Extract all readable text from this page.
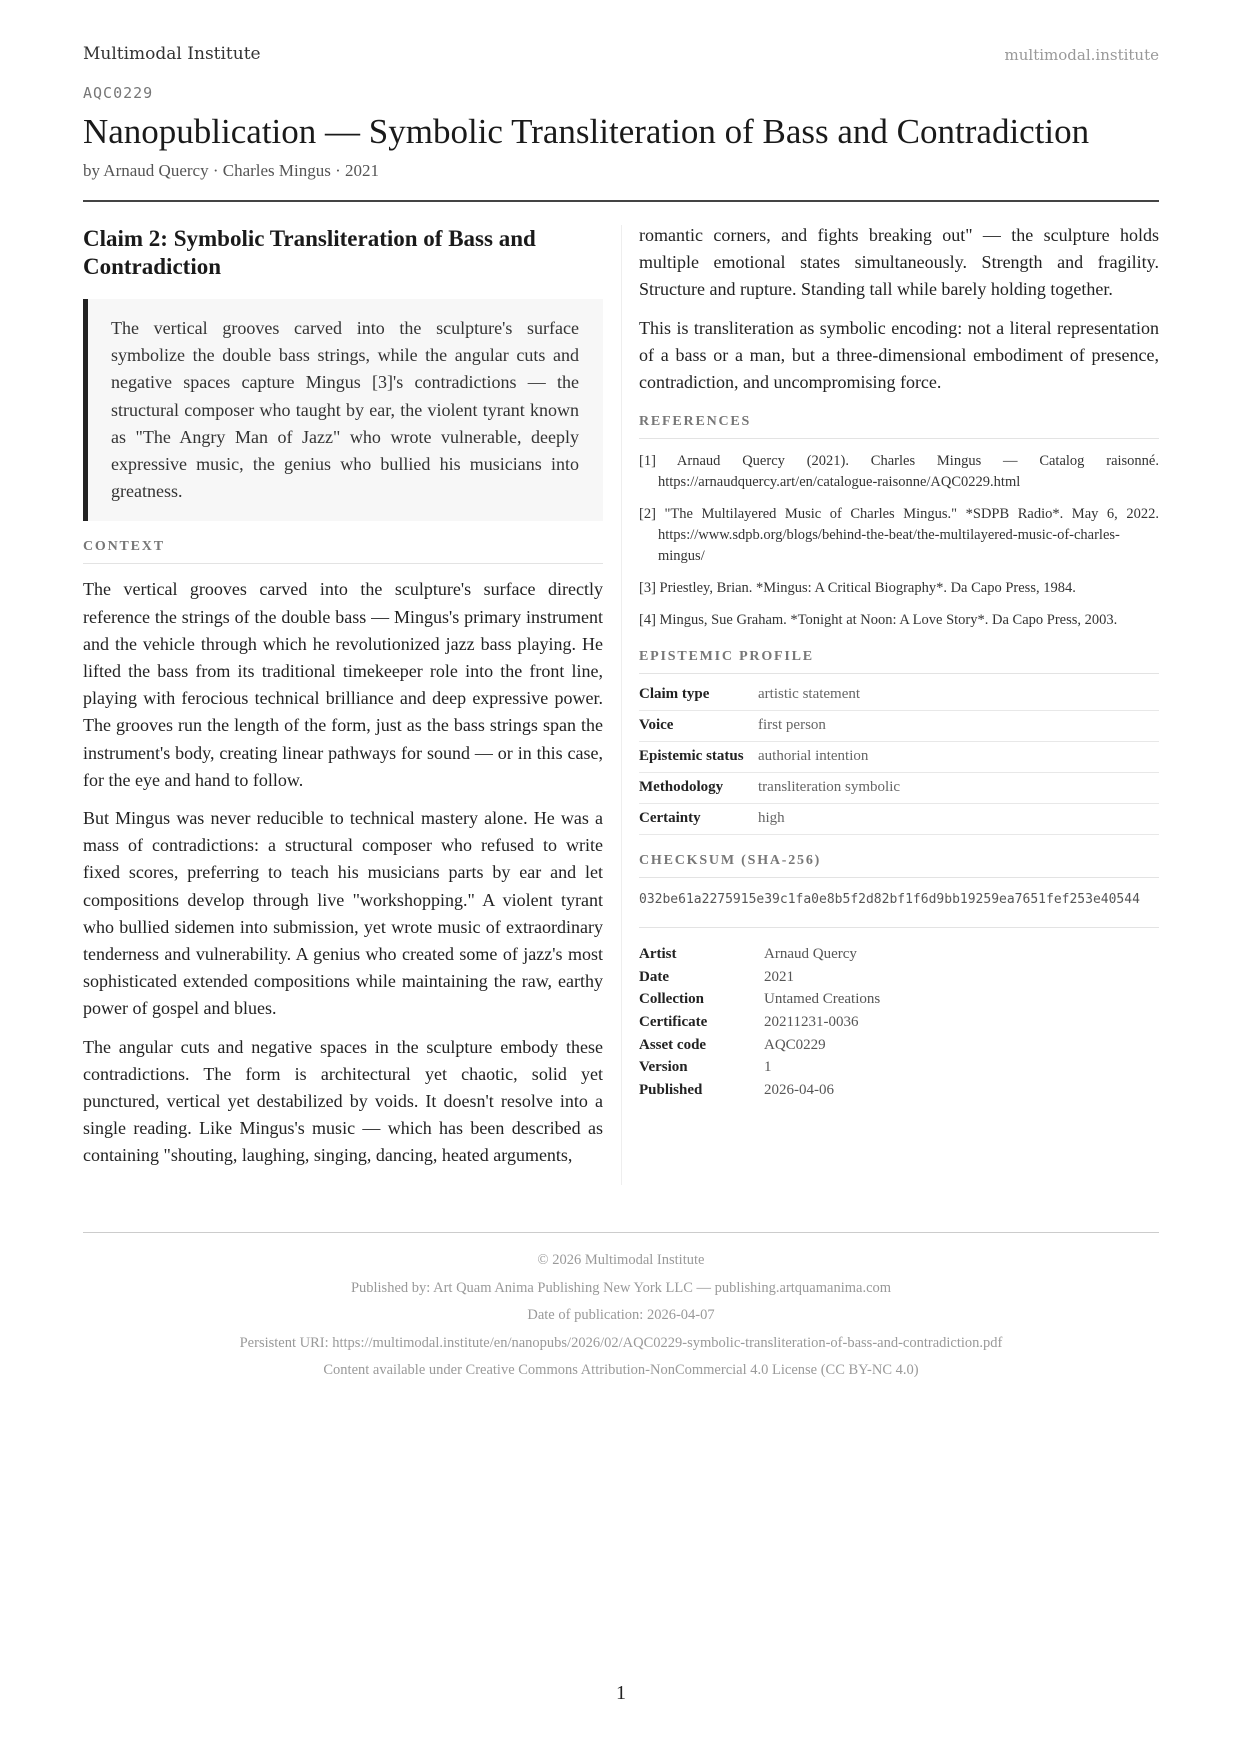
Multimodal Institute	multimodal.institute
AQC0229
Nanopublication — Symbolic Transliteration of Bass and Contradiction
by Arnaud Quercy · Charles Mingus · 2021
Claim 2: Symbolic Transliteration of Bass and Contradiction
The vertical grooves carved into the sculpture's surface symbolize the double bass strings, while the angular cuts and negative spaces capture Mingus [3]'s contradictions — the structural composer who taught by ear, the violent tyrant known as "The Angry Man of Jazz" who wrote vulnerable, deeply expressive music, the genius who bullied his musicians into greatness.
CONTEXT

The vertical grooves carved into the sculpture's surface directly reference the strings of the double bass — Mingus's primary instrument and the vehicle through which he revolutionized jazz bass playing. He lifted the bass from its traditional timekeeper role into the front line, playing with ferocious technical brilliance and deep expressive power. The grooves run the length of the form, just as the bass strings span the instrument's body, creating linear pathways for sound — or in this case, for the eye and hand to follow.

But Mingus was never reducible to technical mastery alone. He was a mass of contradictions: a structural composer who refused to write fixed scores, preferring to teach his musicians parts by ear and let compositions develop through live "workshopping." A violent tyrant who bullied sidemen into submission, yet wrote music of extraordinary tenderness and vulnerability. A genius who created some of jazz's most sophisticated extended compositions while maintaining the raw, earthy power of gospel and blues.

The angular cuts and negative spaces in the sculpture embody these contradictions. The form is architectural yet chaotic, solid yet punctured, vertical yet destabilized by voids. It doesn't resolve into a single reading. Like Mingus's music — which has been described as containing "shouting, laughing, singing, dancing, heated arguments,

romantic corners, and fights breaking out" — the sculpture holds multiple emotional states simultaneously. Strength and fragility. Structure and rupture. Standing tall while barely holding together.

This is transliteration as symbolic encoding: not a literal representation of a bass or a man, but a three-dimensional embodiment of presence, contradiction, and uncompromising force.

REFERENCES
[1] Arnaud Quercy (2021). Charles Mingus — Catalog raisonné. https://arnaudquercy.art/en/catalogue-raisonne/AQC0229.html
[2] "The Multilayered Music of Charles Mingus." *SDPB Radio*. May 6, 2022. https://www.sdpb.org/blogs/behind-the-beat/the-multilayered-music-of-charles-mingus/
[3] Priestley, Brian. *Mingus: A Critical Biography*. Da Capo Press, 1984.
[4] Mingus, Sue Graham. *Tonight at Noon: A Love Story*. Da Capo Press, 2003.
EPISTEMIC PROFILE
Claim type	artistic statement
Voice	first person
Epistemic status	authorial intention
Methodology	transliteration symbolic
Certainty	high
CHECKSUM (SHA-256)
032be61a2275915e39c1fa0e8b5f2d82bf1f6d9bb19259ea7651fef253e40544
Artist	Arnaud Quercy
Date	2021
Collection	Untamed Creations
Certificate	20211231-0036
Asset code	AQC0229
Version	1
Published	2026-04-06
© 2026 Multimodal Institute
Published by: Art Quam Anima Publishing New York LLC — publishing.artquamanima.com
Date of publication: 2026-04-07
Persistent URI: https://multimodal.institute/en/nanopubs/2026/02/AQC0229-symbolic-transliteration-of-bass-and-contradiction.pdf
Content available under Creative Commons Attribution-NonCommercial 4.0 License (CC BY-NC 4.0)
1
